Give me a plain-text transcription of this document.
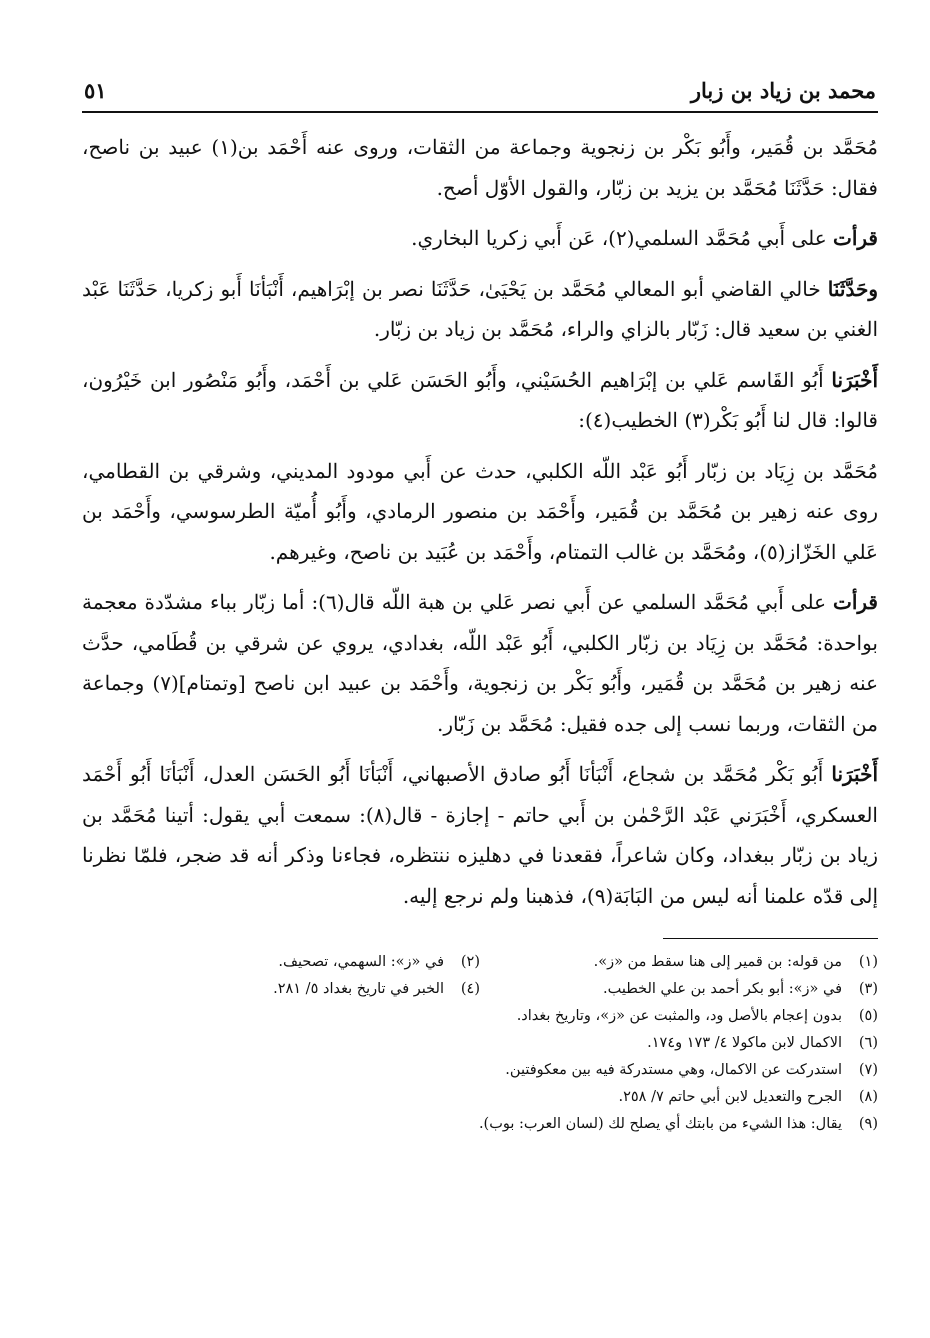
محمد بن زياد بن زبار
٥١

مُحَمَّد بن قُمَير، وأَبُو بَكْر بن زنجوية وجماعة من الثقات، وروى عنه أَحْمَد بن(١) عبيد بن ناصح، فقال: حَدَّثَنَا مُحَمَّد بن يزيد بن زبّار، والقول الأوّل أصح.

قرأت على أَبي مُحَمَّد السلمي(٢)، عَن أَبي زكريا البخاري.

وحَدَّثَنَا خالي القاضي أبو المعالي مُحَمَّد بن يَحْيَىٰ، حَدَّثَنَا نصر بن إبْرَاهيم، أَنْبَأنَا أَبو زكريا، حَدَّثَنَا عَبْد الغني بن سعيد قال: زَبّار بالزاي والراء، مُحَمَّد بن زياد بن زبّار.

أَخْبَرَنا أَبُو القَاسم عَلي بن إبْرَاهيم الحُسَيْني، وأَبُو الحَسَن عَلي بن أَحْمَد، وأَبُو مَنْصُور ابن خَيْرُون، قالوا: قال لنا أَبُو بَكْر(٣) الخطيب(٤):

مُحَمَّد بن زِيَاد بن زبّار أَبُو عَبْد اللّه الكلبي، حدث عن أَبي مودود المديني، وشرقي بن القطامي، روى عنه زهير بن مُحَمَّد بن قُمَير، وأَحْمَد بن منصور الرمادي، وأَبُو أُميّة الطرسوسي، وأَحْمَد بن عَلي الخَزّاز(٥)، ومُحَمَّد بن غالب التمتام، وأَحْمَد بن عُبَيد بن ناصح، وغيرهم.

قرأت على أَبي مُحَمَّد السلمي عن أَبي نصر عَلي بن هبة اللّه قال(٦): أما زبّار بباء مشدّدة معجمة بواحدة: مُحَمَّد بن زِيَاد بن زبّار الكلبي، أَبُو عَبْد اللّه، بغدادي، يروي عن شرقي بن قُطَامي، حدَّث عنه زهير بن مُحَمَّد بن قُمَير، وأَبُو بَكْر بن زنجوية، وأَحْمَد بن عبيد ابن ناصح [وتمتام](٧) وجماعة من الثقات، وربما نسب إلى جده فقيل: مُحَمَّد بن زَبّار.

أَخْبَرَنا أَبُو بَكْر مُحَمَّد بن شجاع، أَنْبَأنَا أَبُو صادق الأصبهاني، أَنْبَأنَا أَبُو الحَسَن العدل، أَنْبَأنَا أَبُو أَحْمَد العسكري، أَخْبَرَني عَبْد الرَّحْمٰن بن أَبي حاتم - إجازة - قال(٨): سمعت أبي يقول: أتينا مُحَمَّد بن زياد بن زبّار ببغداد، وكان شاعراً، فقعدنا في دهليزه ننتظره، فجاءنا وذكر أنه قد ضجر، فلمّا نظرنا إلى قدّه علمنا أنه ليس من البَابَة(٩)، فذهبنا ولم نرجع إليه.

(١)
من قوله: بن قمير إلى هنا سقط من «ز».
(٢)
في «ز»: السهمي، تصحيف.
(٣)
في «ز»: أبو بكر أحمد بن علي الخطيب.
(٤)
الخبر في تاريخ بغداد ٥/ ٢٨١.
(٥)
بدون إعجام بالأصل ود، والمثبت عن «ز»، وتاريخ بغداد.
(٦)
الاكمال لابن ماكولا ٤/ ١٧٣ و١٧٤.
(٧)
استدركت عن الاكمال، وهي مستدركة فيه بين معكوفتين.
(٨)
الجرح والتعديل لابن أبي حاتم ٧/ ٢٥٨.
(٩)
يقال: هذا الشيء من بابتك أي يصلح لك (لسان العرب: بوب).
